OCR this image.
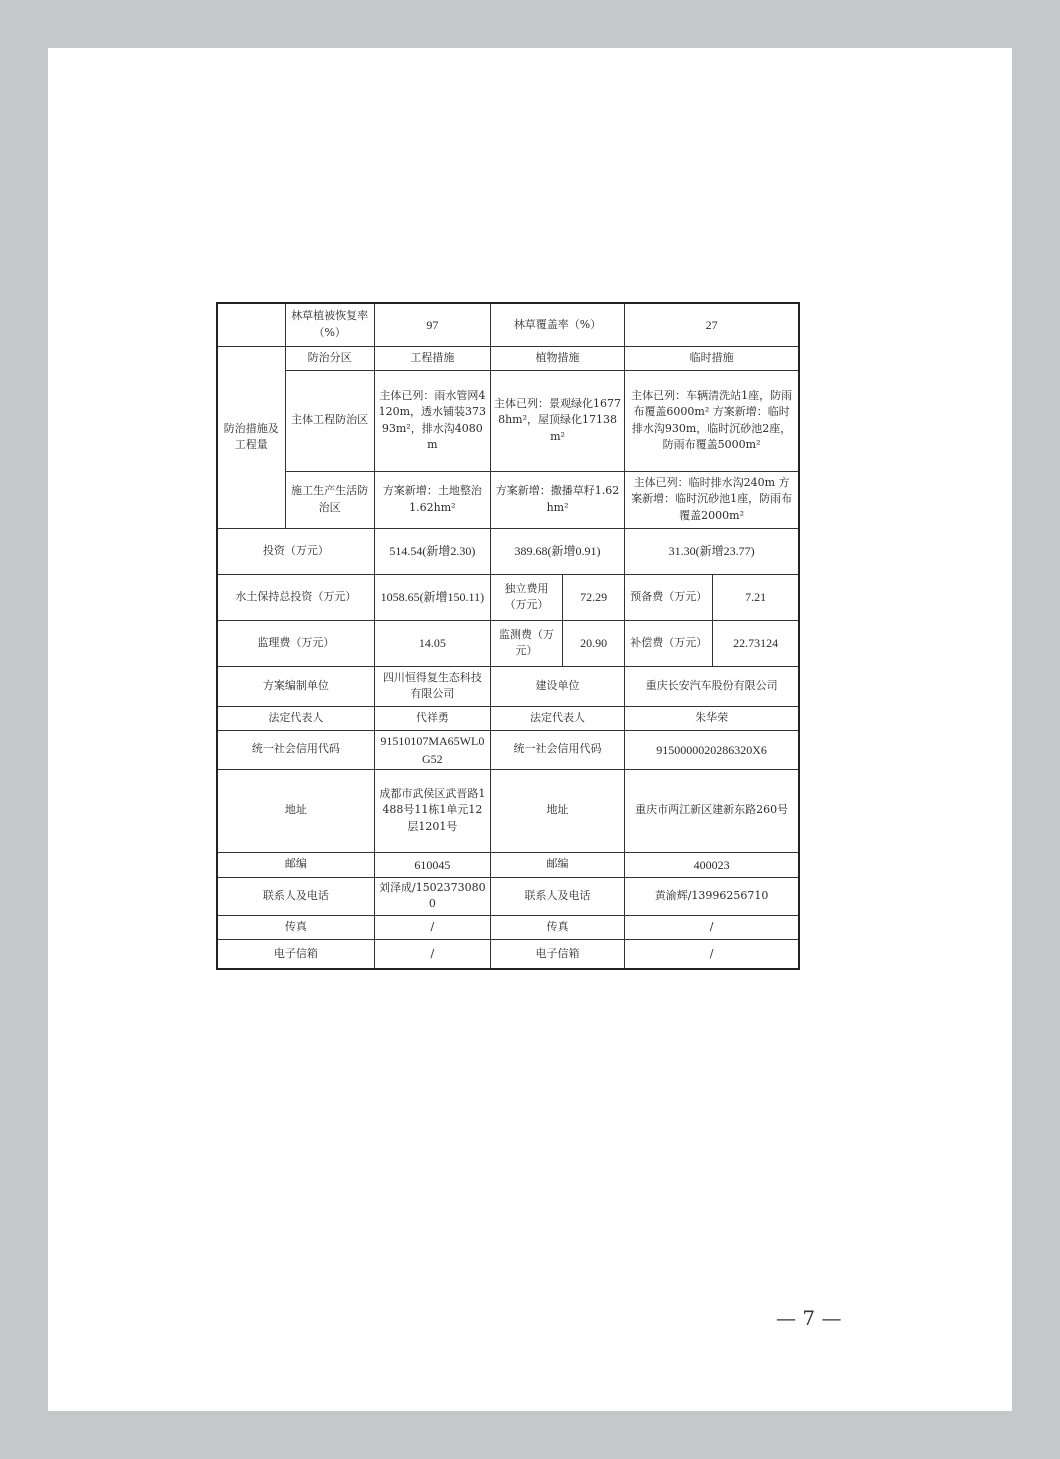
	林草植被恢复率（%）	97	林草覆盖率（%）		27	
防治措施及工程量	防治分区	工程措施	植物措施		临时措施	
	主体工程防治区	主体已列：雨水管网4120m，透水铺装37393m²，排水沟4080m	主体已列：景观绿化16778hm²，屋顶绿化17138m²		主体已列：车辆清洗站1座，防雨布覆盖6000m² 方案新增：临时排水沟930m，临时沉砂池2座，防雨布覆盖5000m²	
	施工生产生活防治区	方案新增：土地整治1.62hm²	方案新增：撒播草籽1.62hm²		主体已列：临时排水沟240m 方案新增：临时沉砂池1座，防雨布覆盖2000m²	
投资（万元）		514.54(新增2.30)	389.68(新增0.91)		31.30(新增23.77)	
水土保持总投资（万元）		1058.65(新增150.11)	独立费用（万元）	72.29	预备费（万元）	7.21
监理费（万元）		14.05	监测费（万元）	20.90	补偿费（万元）	22.73124
方案编制单位		四川恒得复生态科技有限公司	建设单位		重庆长安汽车股份有限公司	
法定代表人		代祥勇	法定代表人		朱华荣	
统一社会信用代码		91510107MA65WL0G52	统一社会信用代码		9150000020286320X6	
地址		成都市武侯区武晋路1488号11栋1单元12层1201号	地址		重庆市两江新区建新东路260号	
邮编		610045	邮编		400023	
联系人及电话		刘泽成/15023730800	联系人及电话		黄渝辉/13996256710	
传真		/	传真		/	
电子信箱		/	电子信箱		/	
— 7 —
